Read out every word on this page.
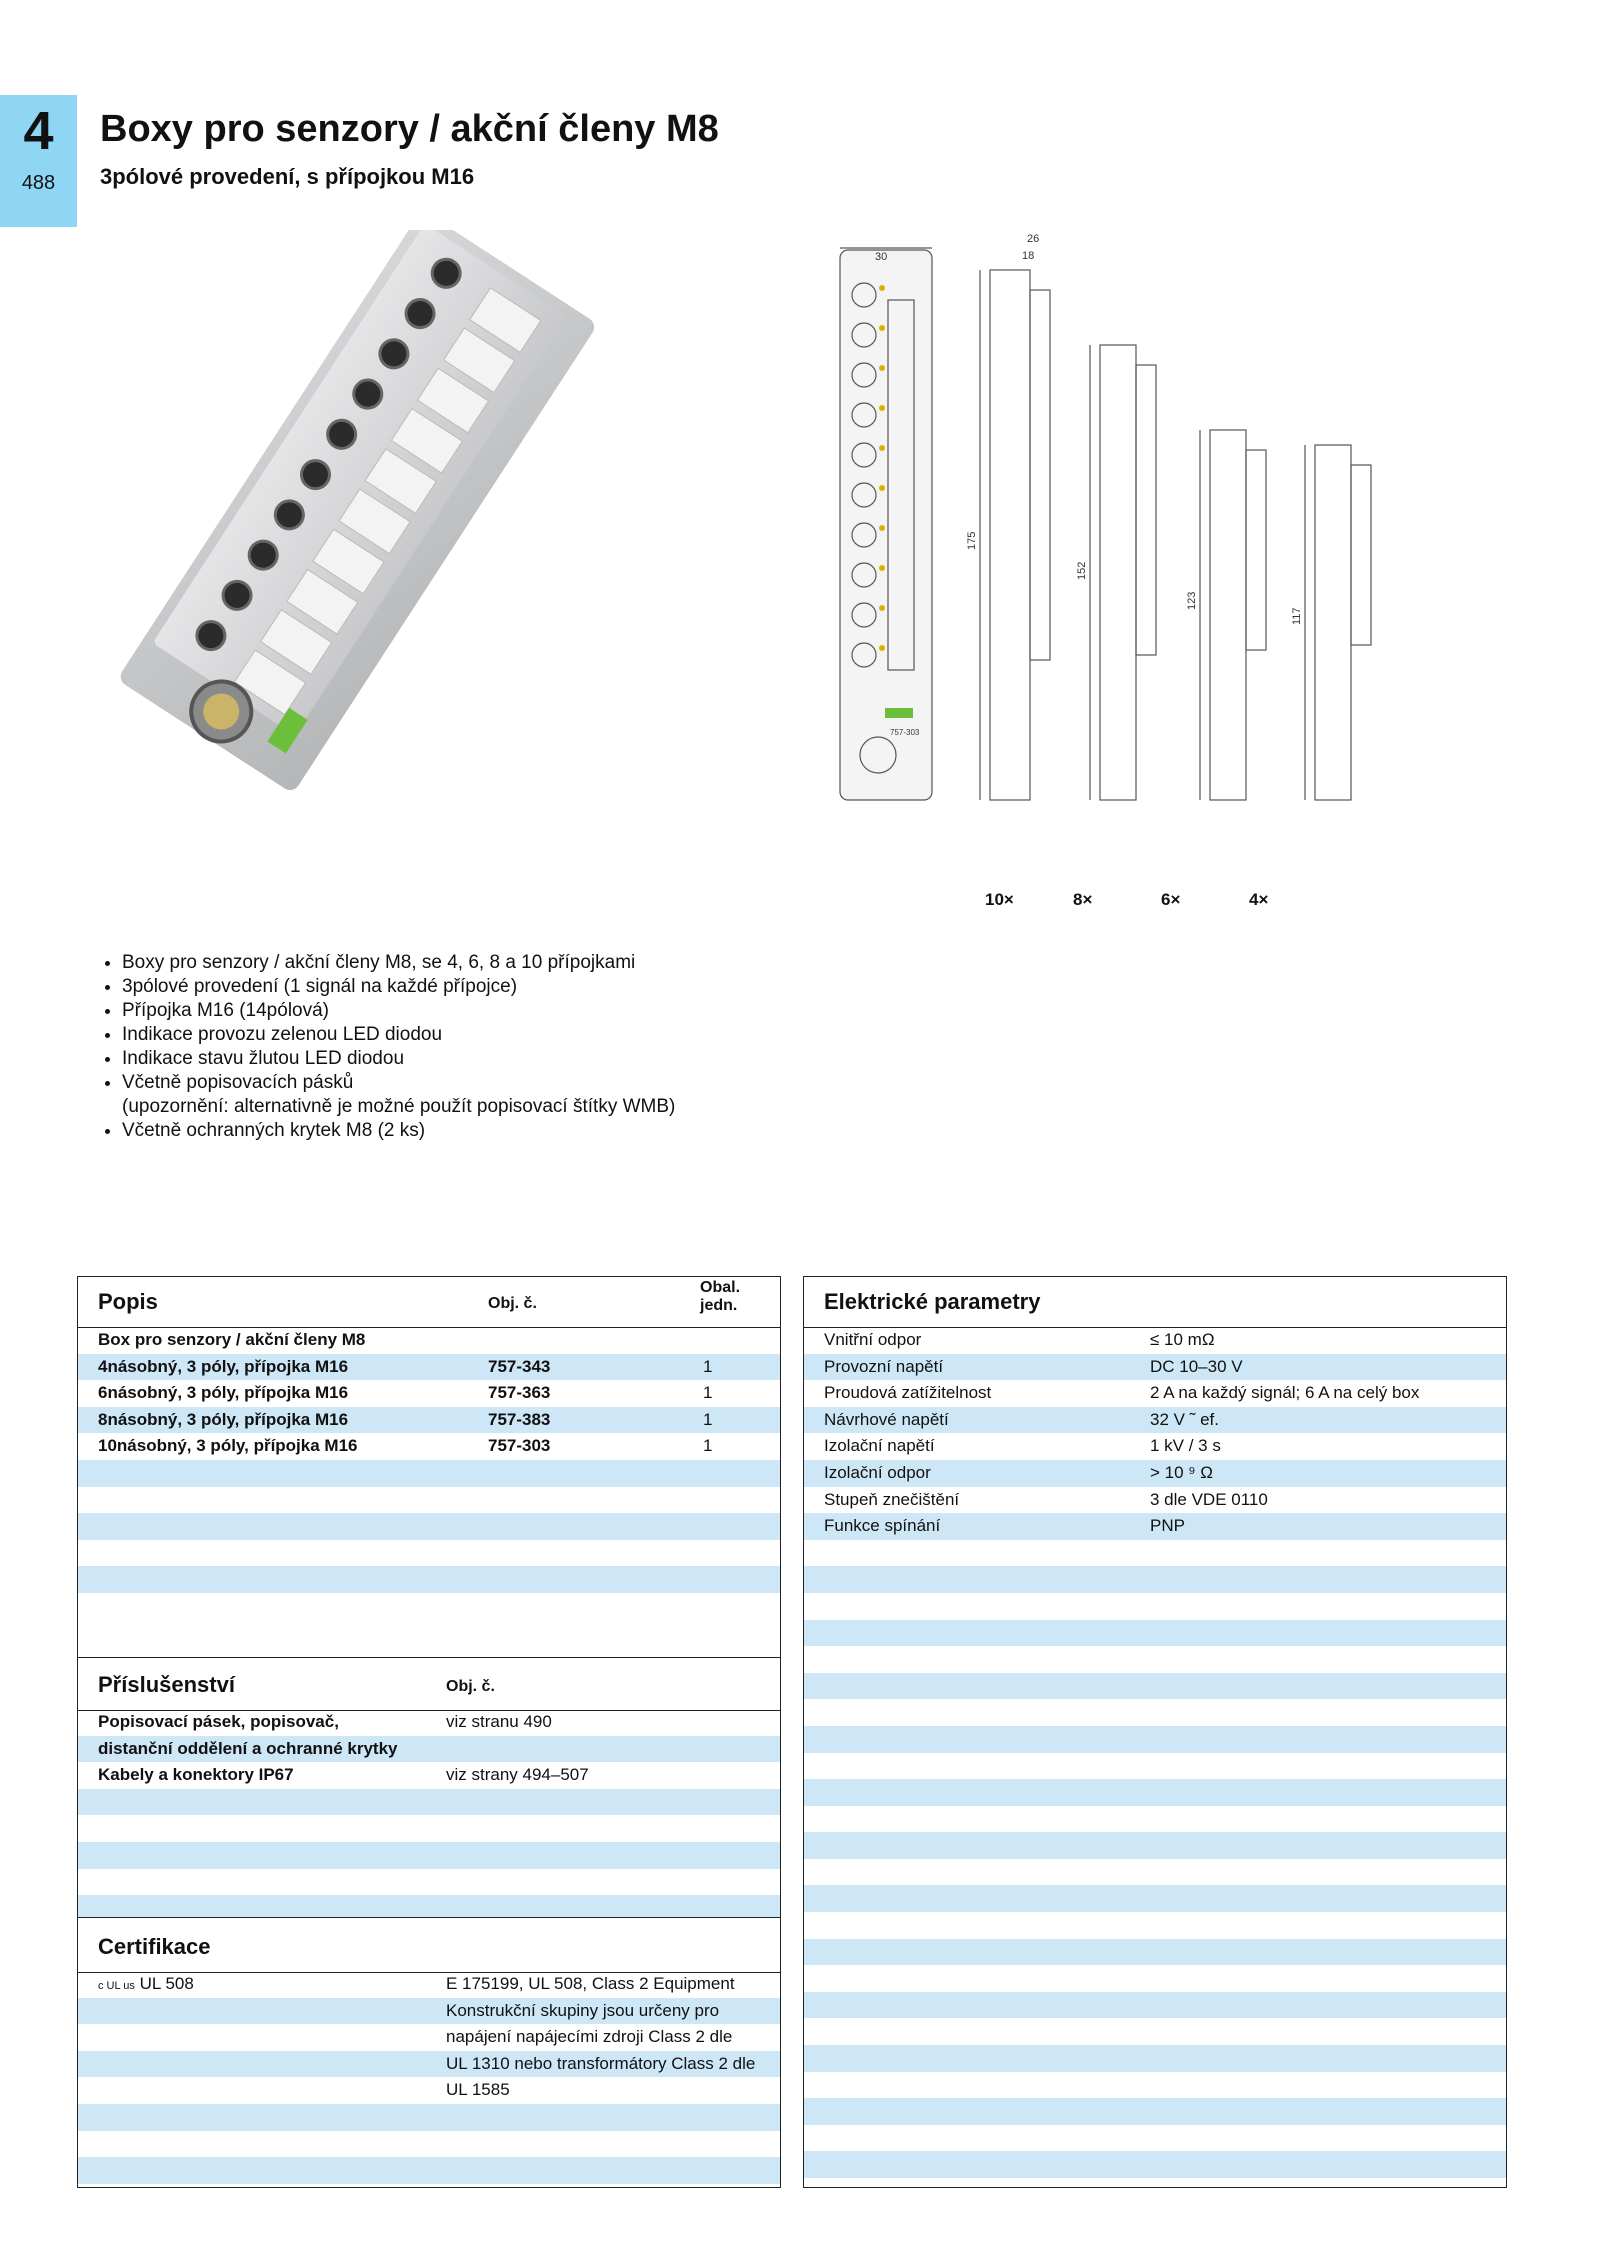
4
488
Boxy pro senzory / akční členy M8
3pólové provedení, s přípojkou M16
30
26
18
757-303
175
152
123
117
10×	8×	6×	4×
• Boxy pro senzory / akční členy M8, se 4, 6, 8 a 10 přípojkami
• 3pólové provedení (1 signál na každé přípojce)
• Přípojka M16 (14pólová)
• Indikace provozu zelenou LED diodou
• Indikace stavu žlutou LED diodou
• Včetně popisovacích pásků
(upozornění: alternativně je možné použít popisovací štítky WMB)
• Včetně ochranných krytek M8 (2 ks)
Popis	Obj. č.
Obal.
jedn.
Box pro senzory / akční členy M8
4násobný, 3 póly, přípojka M16	757-343	1
6násobný, 3 póly, přípojka M16	757-363	1
8násobný, 3 póly, přípojka M16	757-383	1
10násobný, 3 póly, přípojka M16	757-303	1
Příslušenství	Obj. č.
Popisovací pásek, popisovač,	viz stranu 490
distanční oddělení a ochranné krytky
Kabely a konektory IP67	viz strany 494–507
Certifikace
c UL us UL 508	E 175199, UL 508, Class 2 Equipment
Konstrukční skupiny jsou určeny pro
napájení napájecími zdroji Class 2 dle
UL 1310 nebo transformátory Class 2 dle
UL 1585
Elektrické parametry
Vnitřní odpor	≤ 10 mΩ
Provozní napětí	DC 10–30 V
Proudová zatížitelnost	2 A na každý signál; 6 A na celý box
Návrhové napětí	32 V ˜ ef.
Izolační napětí	1 kV / 3 s
Izolační odpor	> 10 ⁹ Ω
Stupeň znečištění	3 dle VDE 0110
Funkce spínání	PNP
